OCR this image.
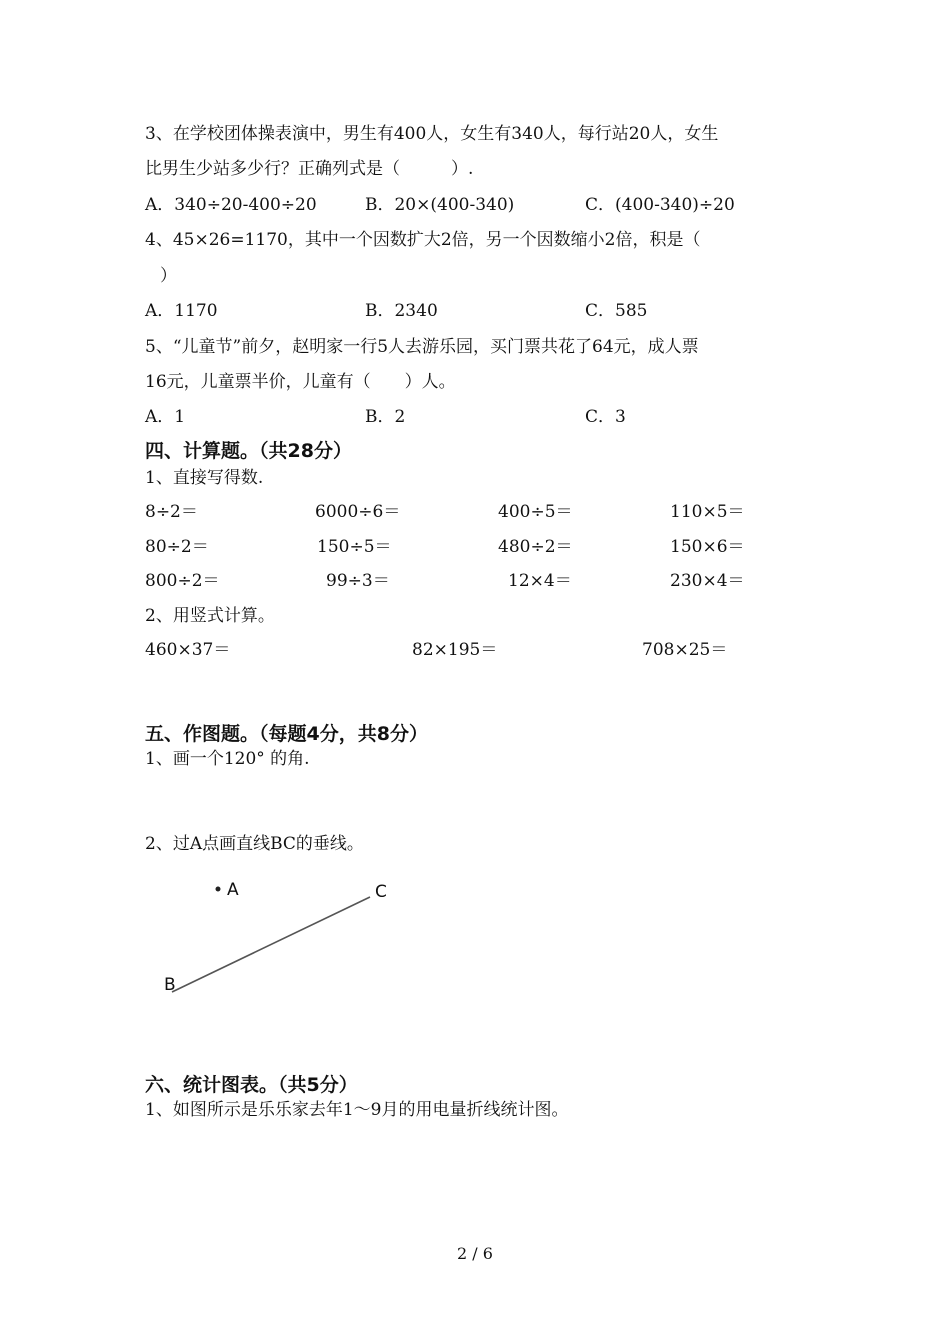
3、在学校团体操表演中，男生有400人，女生有340人，每行站20人，女生
比男生少站多少行？正确列式是（　　　）.
A．340÷20-400÷20	B．20×(400-340)	C．(400-340)÷20
4、45×26=1170，其中一个因数扩大2倍，另一个因数缩小2倍，积是（
）
A．1170	B．2340	C．585
5、“儿童节”前夕，赵明家一行5人去游乐园，买门票共花了64元，成人票
16元，儿童票半价，儿童有（　　）人。
A．1	B．2	C．3
四、计算题。（共28分）
1、直接写得数.
8÷2＝	6000÷6＝	400÷5＝	110×5＝
80÷2＝	150÷5＝	480÷2＝	150×6＝
800÷2＝	99÷3＝	12×4＝	230×4＝
2、用竖式计算。
460×37＝	82×195＝	708×25＝
五、作图题。（每题4分，共8分）
1、画一个120° 的角.
2、过A点画直线BC的垂线。
A
B
C
六、统计图表。（共5分）
1、如图所示是乐乐家去年1～9月的用电量折线统计图。
2 / 6
